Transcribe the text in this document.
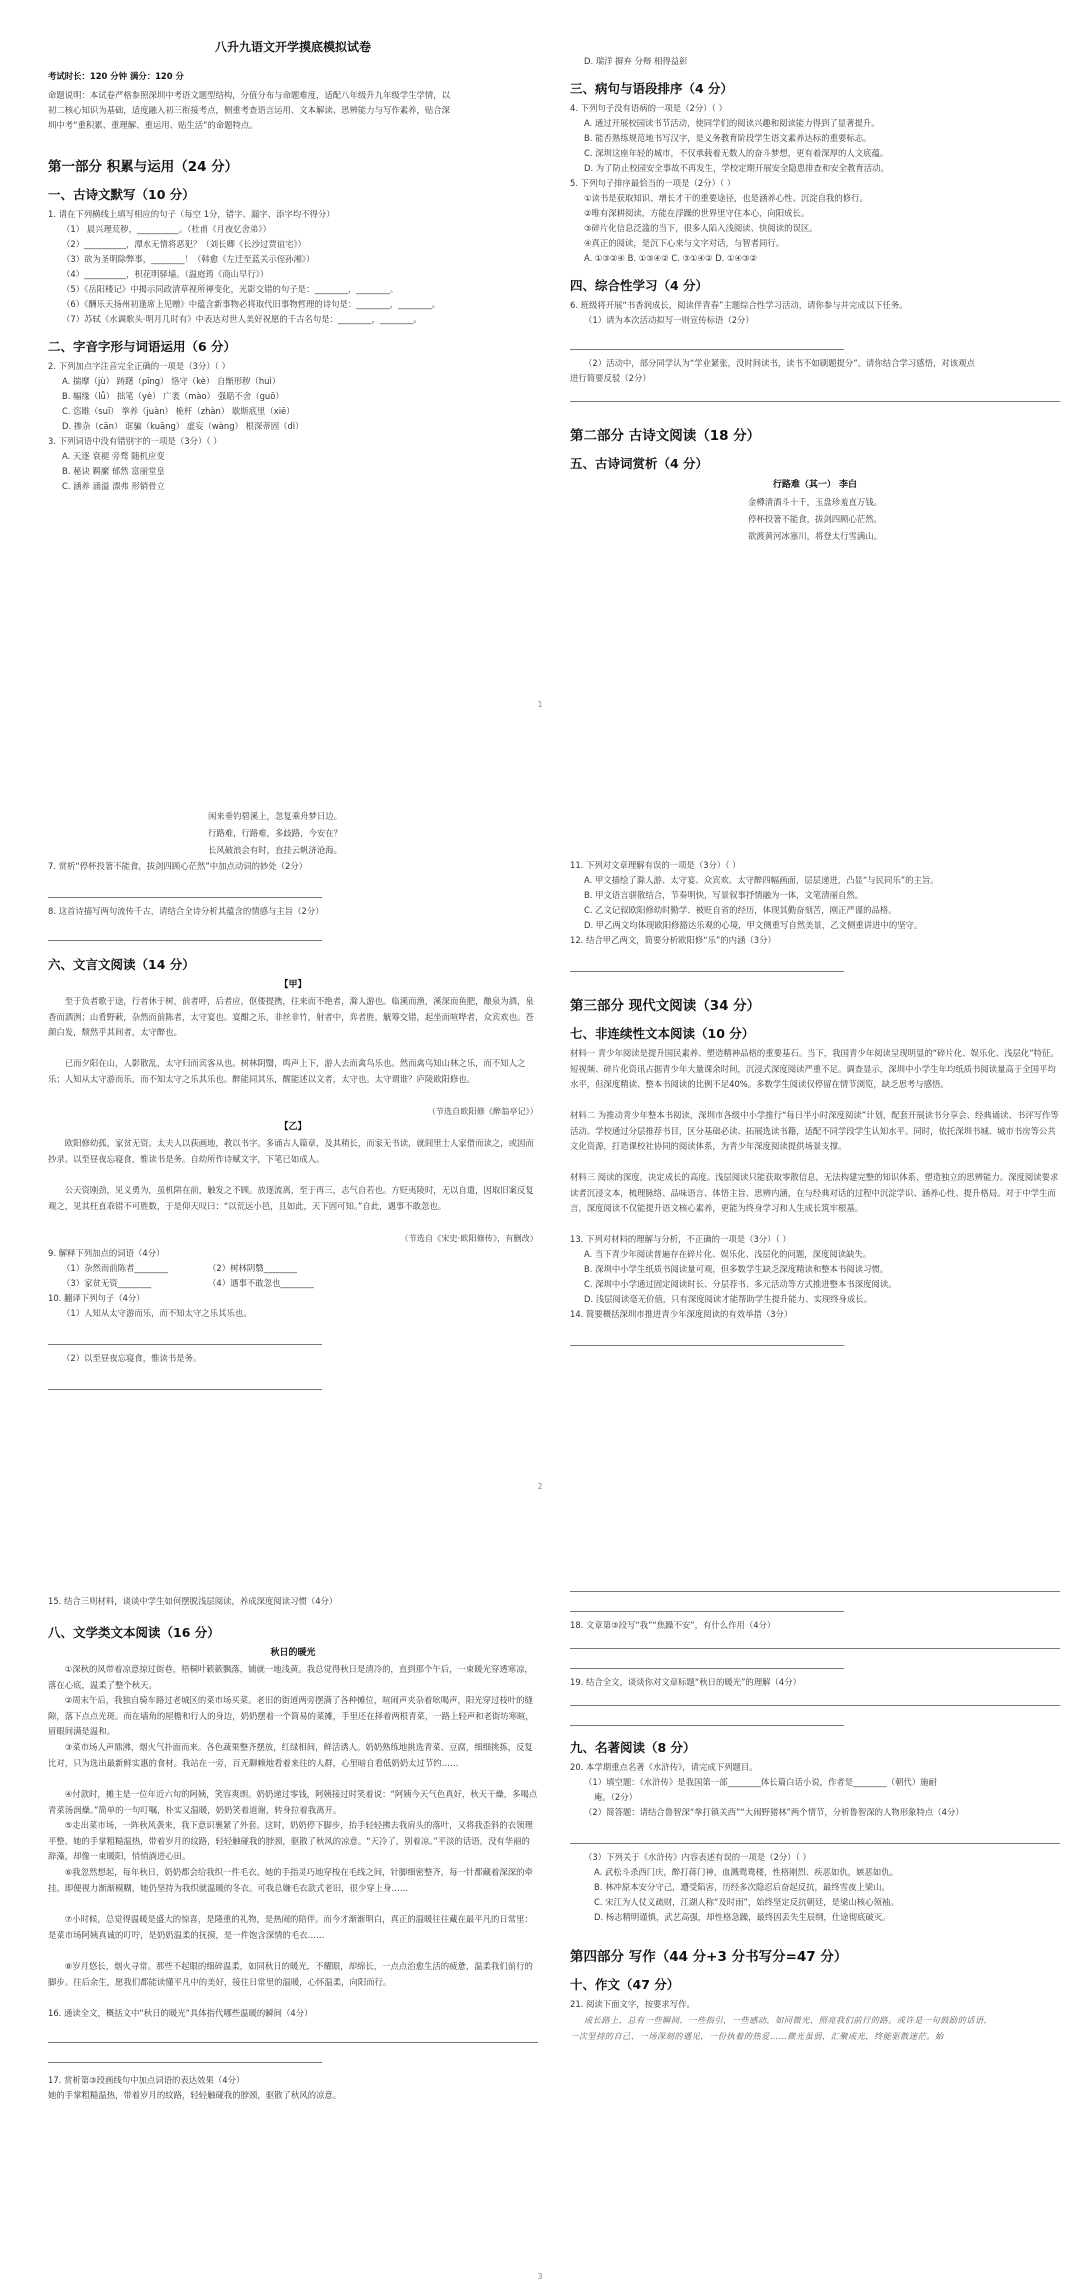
八升九语文开学摸底模拟试卷
考试时长：120 分钟 满分：120 分
命题说明：本试卷严格参照深圳中考语文题型结构，分值分布与命题难度，适配八年级升九年级学生学情，以
初二核心知识为基础，适度融入初三衔接考点，侧重考查语言运用、文本解读、思辨能力与写作素养，贴合深
圳中考“重积累、重理解、重运用、贴生活”的命题特点。
第一部分 积累与运用（24 分）
一、古诗文默写（10 分）
1. 请在下列横线上填写相应的句子（每空 1分，错字、漏字、添字均不得分）
（1） 晨兴理荒秽，__________。（杜甫《月夜忆舍弟》）
（2）__________，潭水无情将恶犯？（刘长卿《长沙过贾谊宅》）
（3）欲为圣明除弊事，________！（韩愈《左迁至蓝关示侄孙湘》）
（4）__________，枳花明驿墙。（温庭筠《商山早行》）
（5）《岳阳楼记》中揭示同政清草视所禅变化，光影交错的句子是：________，________。
（6）《酬乐天扬州初逢席上见赠》中蕴含新事物必将取代旧事物哲理的诗句是：________，________。
（7）苏轼《水调歌头·明月几时有》中表达对世人美好祝愿的千古名句是：________，________。
二、字音字形与词语运用（6 分）
2. 下列加点字注音完全正确的一项是（3分）（ ）
A. 揣摩（jù） 踌躇（pīng） 恪守（kè） 自惭形秽（huì）
B. 幅缘（lǚ） 拙笔（yè） 广袤（mào） 强聒不舍（guō）
C. 恣睢（suī） 拳养（juàn） 桅杆（zhàn） 歇斯底里（xiē）
D. 掺杂（cān） 诓骗（kuāng） 虚妄（wàng） 根深蒂固（dì）
3. 下列词语中没有错别字的一项是（3分）（ ）
A. 天逐 衰褪 旁骛 随机应变
B. 秘诀 羁縻 郁然 富丽堂皇
C. 涵养 涌溢 漂弗 形销骨立
D. 瑞洋 摒弃 分辩 相得益彰
三、病句与语段排序（4 分）
4. 下列句子没有语病的一项是（2分）（ ）
A. 通过开展校园读书节活动，使同学们的阅读兴趣和阅读能力得到了显著提升。
B. 能否熟练规范地书写汉字，是义务教育阶段学生语文素养达标的重要标志。
C. 深圳这座年轻的城市，不仅承载着无数人的奋斗梦想，更有着深厚的人文底蕴。
D. 为了防止校园安全事故不再发生，学校定期开展安全隐患排查和安全教育活动。
5. 下列句子排序最恰当的一项是（2分）（ ）
①读书是获取知识、增长才干的重要途径，也是涵养心性、沉淀自我的修行。
②唯有深耕阅读，方能在浮躁的世界里守住本心，向阳成长。
③碎片化信息泛滥的当下，很多人陷入浅阅读、快阅读的误区。
④真正的阅读，是沉下心来与文字对话，与智者同行。
A. ①③②④ B. ①③④② C. ③①④② D. ①④③②
四、综合性学习（4 分）
6. 班级将开展“书香润成长，阅读伴青春”主题综合性学习活动，请你参与并完成以下任务。
（1）请为本次活动拟写一则宣传标语（2分）
（2）活动中，部分同学认为“学业紧张，没时间读书，读书不如刷题提分”。请你结合学习感悟，对该观点
进行简要反驳（2分）
第二部分 古诗文阅读（18 分）
五、古诗词赏析（4 分）
行路难（其一） 李白
金樽清酒斗十千，玉盘珍羞直万钱。
停杯投箸不能食，拔剑四顾心茫然。
欲渡黄河冰塞川，将登太行雪满山。
1
闲来垂钓碧溪上，忽复乘舟梦日边。
行路难，行路难，多歧路，今安在？
长风破浪会有时，直挂云帆济沧海。
7. 赏析“停杯投箸不能食，拔剑四顾心茫然”中加点动词的妙处（2分）
8. 这首诗描写两句流传千古，请结合全诗分析其蕴含的情感与主旨（2分）
六、文言文阅读（14 分）
【甲】
至于负者歌于途，行者休于树，前者呼，后者应，伛偻提携，往来而不绝者，滁人游也。临溪而渔，溪深而鱼肥，酿泉为酒，泉香而酒洌；山肴野蔌，杂然而前陈者，太守宴也。宴酣之乐，非丝非竹，射者中，弈者胜，觥筹交错，起坐而喧哗者，众宾欢也。苍颜白发，颓然乎其间者，太守醉也。
已而夕阳在山，人影散乱，太守归而宾客从也。树林阴翳，鸣声上下，游人去而禽鸟乐也。然而禽鸟知山林之乐，而不知人之乐；人知从太守游而乐，而不知太守之乐其乐也。醉能同其乐，醒能述以文者，太守也。太守谓谁？庐陵欧阳修也。
（节选自欧阳修《醉翁亭记》）
【乙】
欧阳修幼孤，家贫无资。太夫人以荻画地，教以书字。多诵古人篇章，及其稍长，而家无书读，就闾里士人家借而读之，或因而抄录。以至昼夜忘寝食，惟读书是务。自幼所作诗赋文字，下笔已如成人。
公天资刚劲，见义勇为，虽机阱在前，触发之不顾。放逐流离，至于再三，志气自若也。方贬夷陵时，无以自遣，因取旧案反复观之，见其枉直乖错不可胜数，于是仰天叹曰：“以荒远小邑，且如此，天下固可知。”自此，遇事不敢忽也。
（节选自《宋史·欧阳修传》，有删改）
9. 解释下列加点的词语（4分）
（1）杂然而前陈者________	（2）树林阴翳________
（3）家贫无资________	（4）遇事不敢忽也________
10. 翻译下列句子（4分）
（1）人知从太守游而乐，而不知太守之乐其乐也。
（2）以至昼夜忘寝食，惟读书是务。
11. 下列对文章理解有误的一项是（3分）（ ）
A. 甲文描绘了滁人游、太守宴、众宾欢、太守醉四幅画面，层层递进，凸显“与民同乐”的主旨。
B. 甲文语言骈散结合，节奏明快，写景叙事抒情融为一体，文笔清丽自然。
C. 乙文记叙欧阳修幼时勤学、被贬自省的经历，体现其勤奋刻苦，刚正严谨的品格。
D. 甲乙两文均体现欧阳修豁达乐观的心境，甲文侧重写自然美景，乙文侧重讲进中的坚守。
12. 结合甲乙两文，简要分析欧阳修“乐”的内涵（3分）
第三部分 现代文阅读（34 分）
七、非连续性文本阅读（10 分）
材料一 青少年阅读是提升国民素养、塑造精神品格的重要基石。当下，我国青少年阅读呈现明显的“碎片化、娱乐化、浅层化”特征。短视频、碎片化资讯占据青少年大量课余时间，沉浸式深度阅读严重不足。调查显示，深圳中小学生年均纸质书阅读量高于全国平均水平，但深度精读、整本书阅读的比例不足40%。多数学生阅读仅停留在情节浏览，缺乏思考与感悟。
材料二 为推动青少年整本书阅读，深圳市各级中小学推行“每日半小时深度阅读”计划，配套开展读书分享会、经典诵读、书评写作等活动。学校通过分层推荐书目，区分基础必读、拓展选读书籍，适配不同学段学生认知水平。同时，依托深圳书城、城市书房等公共文化资源，打造课校社协同的阅读体系，为青少年深度阅读提供场景支撑。
材料三 阅读的深度，决定成长的高度。浅层阅读只能获取零散信息，无法构建完整的知识体系、塑造独立的思辨能力。深度阅读要求读者沉浸文本，梳理脉络、品味语言、体悟主旨、思辨内涵，在与经典对话的过程中沉淀学识、涵养心性、提升格局。对于中学生而言，深度阅读不仅能提升语文核心素养，更能为终身学习和人生成长筑牢根基。
13. 下列对材料的理解与分析，不正确的一项是（3分）（ ）
A. 当下青少年阅读普遍存在碎片化、娱乐化、浅层化的问题，深度阅读缺失。
B. 深圳中小学生纸质书阅读量可观，但多数学生缺乏深度精读和整本书阅读习惯。
C. 深圳中小学通过固定阅读时长、分层荐书、多元活动等方式推进整本书深度阅读。
D. 浅层阅读毫无价值，只有深度阅读才能帮助学生提升能力、实现终身成长。
14. 简要概括深圳市推进青少年深度阅读的有效举措（3分）
2
15. 结合三则材料，谈谈中学生如何摆脱浅层阅读，养成深度阅读习惯（4分）
八、文学类文本阅读（16 分）
秋日的暖光
①深秋的风带着凉意掠过街巷，梧桐叶簌簌飘落，铺就一地浅黄。我总觉得秋日是清冷的，直到那个午后，一束暖光穿透寒凉，落在心底，温柔了整个秋天。
②周末午后，我独自骑车路过老城区的菜市场买菜。老旧的街道两旁摆满了各种摊位，喧闹声夹杂着吆喝声，阳光穿过枝叶的缝隙，落下点点光斑。而在墙角的屋檐和行人的身边，奶奶摆着一个简易的菜摊，手里还在择着两根青菜，一路上轻声和老街坊寒暄，眉眼间满是温和。
③菜市场人声鼎沸，烟火气扑面而来。各色蔬果整齐摆放，红绿相间，鲜活诱人。奶奶熟练地挑选青菜、豆腐，细细挑拣，反复比对，只为选出最新鲜实惠的食材。我站在一旁，百无聊赖地看着来往的人群，心里暗自看低奶奶太过节约……
④付款时，摊主是一位年近六旬的阿姨，笑容爽朗。奶奶递过零钱，阿姨接过时笑着说：“阿姨今天气色真好，秋天干燥，多喝点青菜汤润燥。”简单的一句叮嘱，朴实又温暖，奶奶笑着道谢，转身拉着我离开。
⑤走出菜市场，一阵秋风袭来，我下意识裹紧了外套。这时，奶奶停下脚步，抬手轻轻拂去我肩头的落叶，又将我歪斜的衣领理平整。她的手掌粗糙温热，带着岁月的纹路，轻轻触碰我的脖颈，驱散了秋风的凉意。“天冷了，别着凉。”平淡的话语，没有华丽的辞藻，却像一束暖阳，悄悄淌进心田。
⑥我忽然想起，每年秋日，奶奶都会给我织一件毛衣。她的手指灵巧地穿梭在毛线之间，针脚细密整齐，每一针都藏着深深的牵挂。即便视力渐渐模糊，她仍坚持为我织就温暖的冬衣。可我总嫌毛衣款式老旧，很少穿上身……
⑦小时候，总觉得温暖是盛大的惊喜，是隆重的礼物，是热闹的陪伴。而今才渐渐明白，真正的温暖往往藏在最平凡的日常里：是菜市场阿姨真诚的叮咛，是奶奶温柔的抚摸，是一件饱含深情的毛衣……
⑧岁月悠长，烟火寻常。那些不起眼的细碎温柔，如同秋日的暖光，不耀眼，却绵长，一点点治愈生活的疲惫，温柔我们前行的脚步。往后余生，愿我们都能读懂平凡中的美好，接住日常里的温暖，心怀温柔，向阳而行。
16. 通读全文，概括文中“秋日的暖光”具体指代哪些温暖的瞬间（4分）
17. 赏析第③段画线句中加点词语的表达效果（4分）
她的手掌粗糙温热，带着岁月的纹路，轻轻触碰我的脖颈，驱散了秋风的凉意。
18. 文章第③段写“我”“焦躁不安”，有什么作用（4分）
19. 结合全文，谈谈你对文章标题“秋日的暖光”的理解（4分）
九、名著阅读（8 分）
20. 本学期重点名著《水浒传》，请完成下列题目。
（1）填空题：《水浒传》是我国第一部________体长篇白话小说，作者是________（朝代）施耐
庵。（2分）
（2）简答题：请结合鲁智深“拳打镇关西”“大闹野猪林”两个情节，分析鲁智深的人物形象特点（4分）
（3）下列关于《水浒传》内容表述有误的一项是（2分）（ ）
A. 武松斗杀西门庆，醉打蒋门神，血溅鸳鸯楼，性格刚烈、疾恶如仇，嫉恶如仇。
B. 林冲原本安分守己，遭受陷害，历经多次隐忍后奋起反抗，最终雪夜上梁山。
C. 宋江为人仗义疏财，江湖人称“及时雨”，始终坚定反抗朝廷，是梁山核心领袖。
D. 杨志精明谨慎，武艺高强，却性格急躁，最终因丢失生辰纲，仕途彻底破灭。
第四部分 写作（44 分+3 分书写分=47 分）
十、作文（47 分）
21. 阅读下面文字，按要求写作。
成长路上，总有一些瞬间，一些指引，一些感动，如同微光，照亮我们前行的路。或许是一句鼓励的话语，
一次坚持的自己，一场深刻的遇见，一份执着的热爱……微光虽弱，汇聚成光，终能驱散迷茫。始
3
